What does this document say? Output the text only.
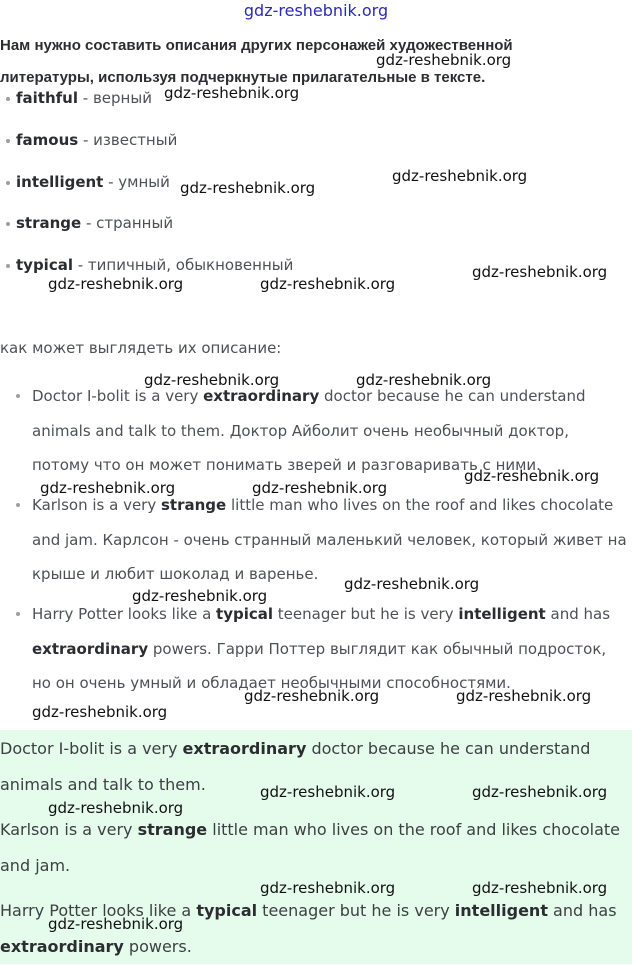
gdz-reshebnik.org
Нам нужно составить описания других персонажей художественной литературы, используя подчеркнутые прилагательные в тексте.
faithful - верный
famous - известный
intelligent - умный
strange - странный
typical - типичный, обыкновенный
как может выглядеть их описание:
Doctor I-bolit is a very extraordinary doctor because he can understand animals and talk to them. Доктор Айболит очень необычный доктор, потому что он может понимать зверей и разговаривать с ними.
Karlson is a very strange little man who lives on the roof and likes chocolate and jam. Карлсон - очень странный маленький человек, который живет на крыше и любит шоколад и варенье.
Harry Potter looks like a typical teenager but he is very intelligent and has extraordinary powers. Гарри Поттер выглядит как обычный подросток, но он очень умный и обладает необычными способностями.
Doctor I-bolit is a very extraordinary doctor because he can understand animals and talk to them.
Karlson is a very strange little man who lives on the roof and likes chocolate and jam.
Harry Potter looks like a typical teenager but he is very intelligent and has extraordinary powers.
gdz-reshebnik.org
gdz-reshebnik.org
gdz-reshebnik.org
gdz-reshebnik.org
gdz-reshebnik.org
gdz-reshebnik.org	gdz-reshebnik.org
gdz-reshebnik.org	gdz-reshebnik.org
gdz-reshebnik.org
gdz-reshebnik.org	gdz-reshebnik.org
gdz-reshebnik.org
gdz-reshebnik.org
gdz-reshebnik.org	gdz-reshebnik.org
gdz-reshebnik.org
gdz-reshebnik.org
gdz-reshebnik.org	gdz-reshebnik.org
gdz-reshebnik.org	gdz-reshebnik.org
gdz-reshebnik.org
